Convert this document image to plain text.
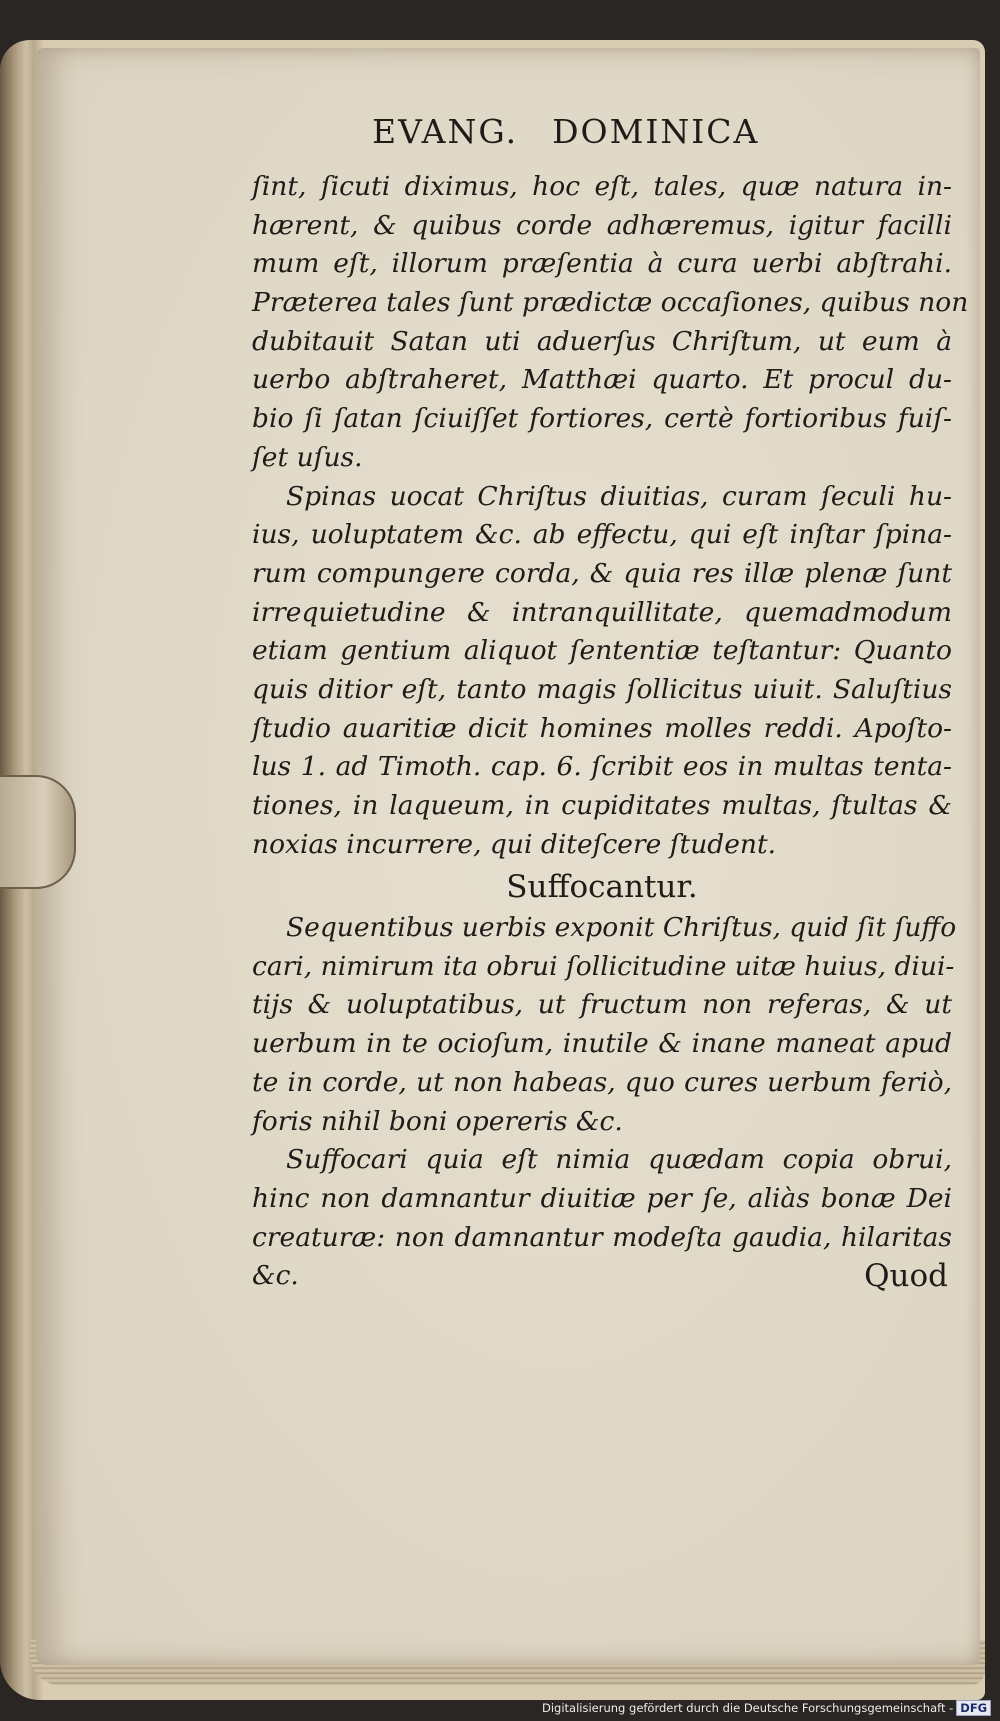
EVANG. DOMINICA
ſint, ſicuti diximus, hoc eſt, tales, quæ natura in-
hærent, & quibus corde adhæremus, igitur facilli
mum eſt, illorum præſentia à cura uerbi abſtrahi.
Præterea tales ſunt prædictæ occaſiones, quibus non
dubitauit Satan uti aduerſus Chriſtum, ut eum à
uerbo abſtraheret, Matthæi quarto. Et procul du-
bio ſi ſatan ſciuiſſet fortiores, certè fortioribus fuiſ-
ſet uſus.
Spinas uocat Chriſtus diuitias, curam ſeculi hu-
ius, uoluptatem &c. ab effectu, qui eſt inſtar ſpina-
rum compungere corda, & quia res illæ plenæ ſunt
irrequietudine & intranquillitate, quemadmodum
etiam gentium aliquot ſententiæ teſtantur: Quanto
quis ditior eſt, tanto magis ſollicitus uiuit. Saluſtius
ſtudio auaritiæ dicit homines molles reddi. Apoſto-
lus 1. ad Timoth. cap. 6. ſcribit eos in multas tenta-
tiones, in laqueum, in cupiditates multas, ſtultas &
noxias incurrere, qui diteſcere ſtudent.
Suffocantur.
Sequentibus uerbis exponit Chriſtus, quid ſit ſuffo
cari, nimirum ita obrui ſollicitudine uitæ huius, diui-
tijs & uoluptatibus, ut fructum non referas, & ut
uerbum in te ocioſum, inutile & inane maneat apud
te in corde, ut non habeas, quo cures uerbum feriò,
foris nihil boni opereris &c.
Suffocari quia eſt nimia quædam copia obrui,
hinc non damnantur diuitiæ per ſe, aliàs bonæ Dei
creaturæ: non damnantur modeſta gaudia, hilaritas
&c.	Quod
Digitalisierung gefördert durch die Deutsche Forschungsgemeinschaft - DFG
